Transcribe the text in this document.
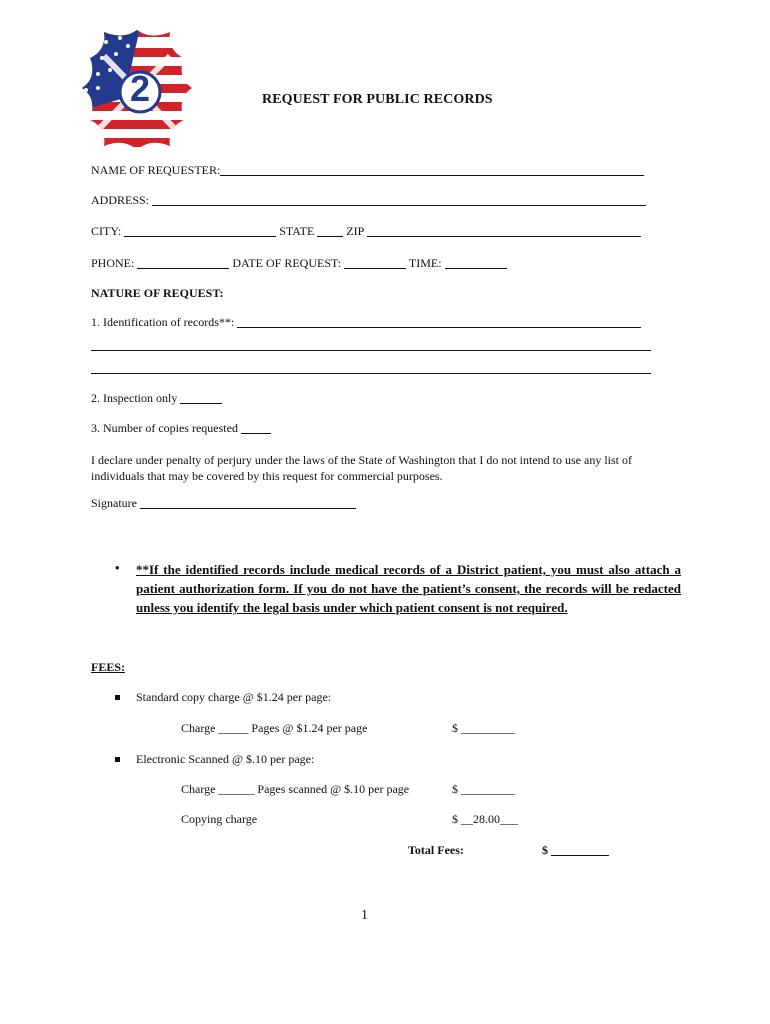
2	REQUEST FOR PUBLIC RECORDS
NAME OF REQUESTER:
ADDRESS:
CITY:	STATE	ZIP
PHONE:	DATE OF REQUEST:	TIME:
NATURE OF REQUEST:
1. Identification of records**:
2. Inspection only
3. Number of copies requested
I declare under penalty of perjury under the laws of the State of Washington that I do not intend to use any list of individuals that may be covered by this request for commercial purposes.
Signature
• **If the identified records include medical records of a District patient, you must also attach a patient authorization form. If you do not have the patient’s consent, the records will be redacted unless you identify the legal basis under which patient consent is not required.
FEES:
Standard copy charge @ $1.24 per page:
Charge _____ Pages @ $1.24 per page	$ _________
Electronic Scanned @ $.10 per page:
Charge ______ Pages scanned @ $.10 per page	$ _________
Copying charge	$ __28.00___
Total Fees:	$
1
